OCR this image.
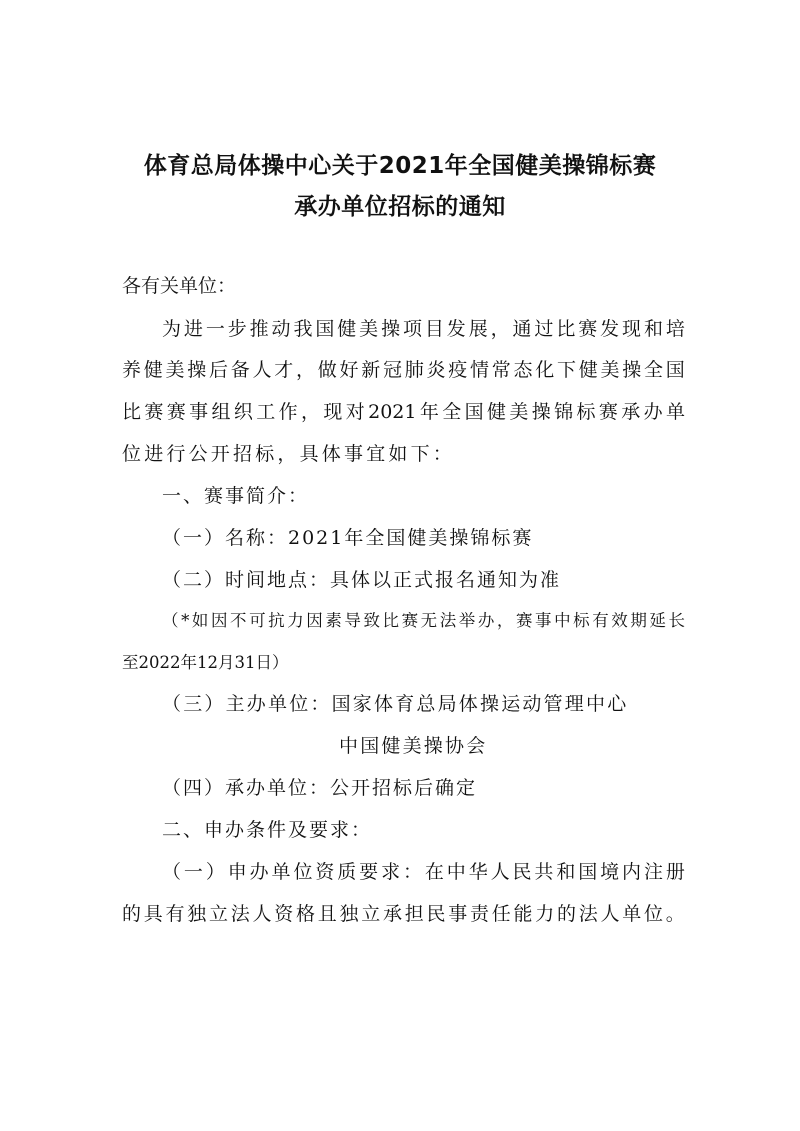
体育总局体操中心关于2021年全国健美操锦标赛
承办单位招标的通知
各有关单位：
为 进 一 步 推 动 我 国 健 美 操 项 目 发 展 ， 通 过 比 赛 发 现 和 培
养 健 美 操 后 备 人 才 ， 做 好 新 冠 肺 炎 疫 情 常 态 化 下 健 美 操 全 国
比 赛 赛 事 组 织 工 作 ， 现 对 2021 年 全 国 健 美 操 锦 标 赛 承 办 单
位进行公开招标，具体事宜如下：
一、赛事简介：
（一）名称：2021年全国健美操锦标赛
（二）时间地点：具体以正式报名通知为准
（ * 如 因 不 可 抗 力 因 素 导 致 比 赛 无 法 举 办 ， 赛 事 中 标 有 效 期 延 长
至2022年12月31日）
（三）主办单位：国家体育总局体操运动管理中心
中国健美操协会
（四）承办单位：公开招标后确定
二、申办条件及要求：
（ 一 ） 申 办 单 位 资 质 要 求 ： 在 中 华 人 民 共 和 国 境 内 注 册
的 具 有 独 立 法 人 资 格 且 独 立 承 担 民 事 责 任 能 力 的 法 人 单 位 。
